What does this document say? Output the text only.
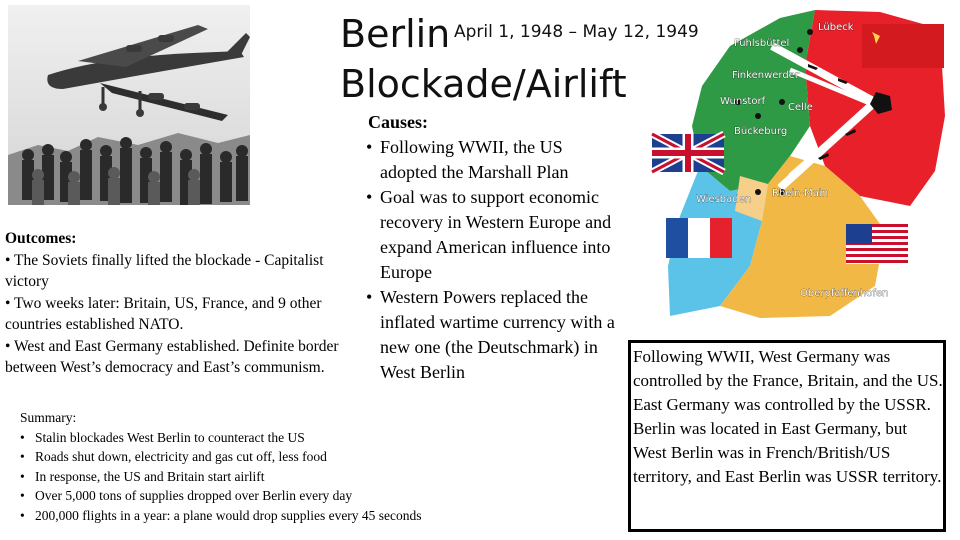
Berlin April 1, 1948 – May 12, 1949
Blockade/Airlift
Causes:
• Following WWII, the US adopted the Marshall Plan
• Goal was to support economic recovery in Western Europe and expand American influence into Europe
• Western Powers replaced the inflated wartime currency with a new one (the Deutschmark) in West Berlin
Outcomes:
• The Soviets finally lifted the blockade - Capitalist victory
• Two weeks later: Britain, US, France, and 9 other countries established NATO.
• West and East Germany established. Definite border between West’s democracy and East’s communism.
Summary:
• Stalin blockades West Berlin to counteract the US
• Roads shut down, electricity and gas cut off, less food
• In response, the US and Britain start airlift
• Over 5,000 tons of supplies dropped over Berlin every day
• 200,000 flights in a year: a plane would drop supplies every 45 seconds
Lübeck
Fuhlsbüttel
Finkenwerder
Wunstorf
Celle
Bückeburg
Rhein-Main
Wiesbaden
Oberpfaffenhofen
Following WWII, West Germany was controlled by the France, Britain, and the US. East Germany was controlled by the USSR. Berlin was located in East Germany, but West Berlin was in French/British/US territory, and East Berlin was USSR territory.
